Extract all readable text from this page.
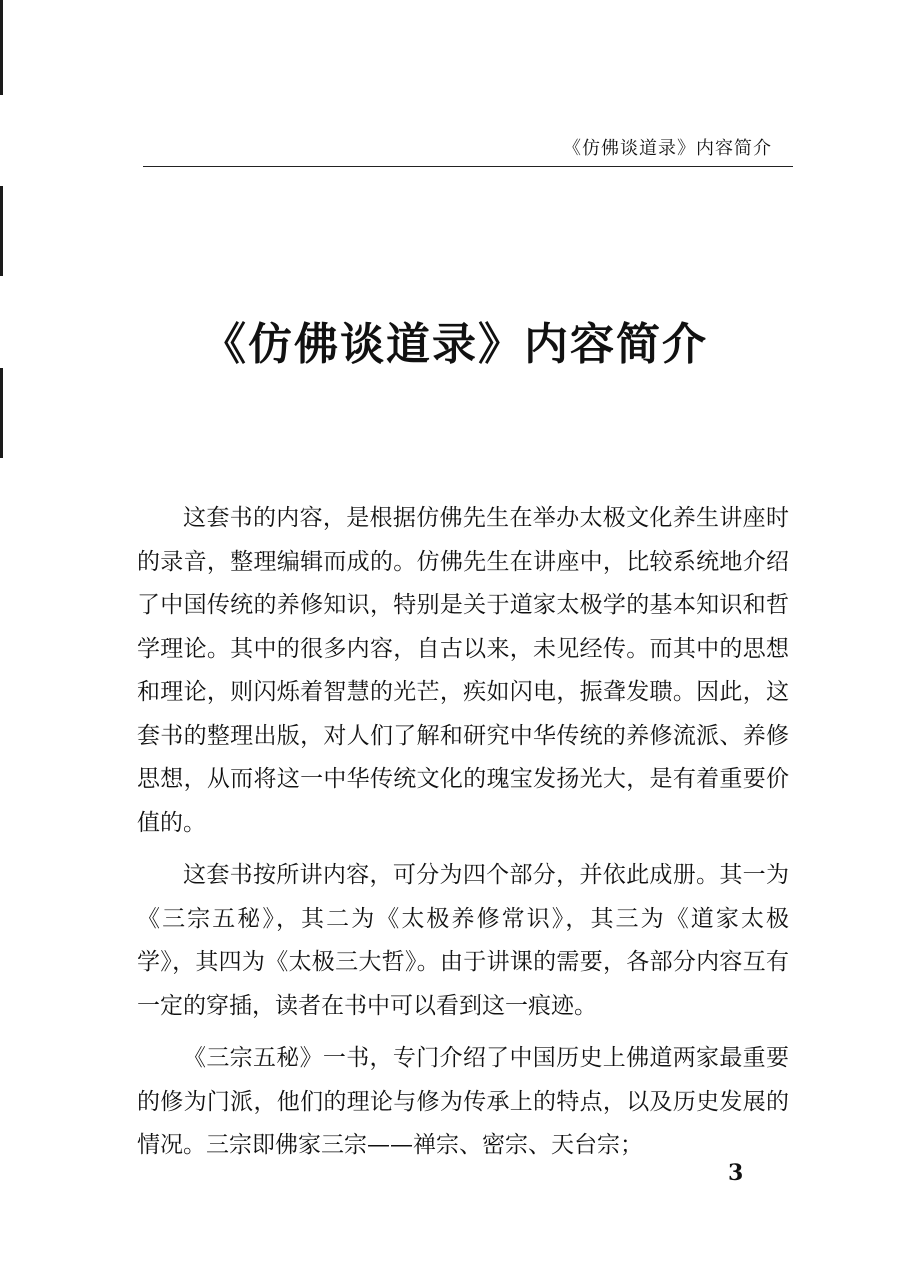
《仿佛谈道录》内容简介
《仿佛谈道录》内容简介

这套书的内容，是根据仿佛先生在举办太极文化养生讲座时的录音，整理编辑而成的。仿佛先生在讲座中，比较系统地介绍了中国传统的养修知识，特别是关于道家太极学的基本知识和哲学理论。其中的很多内容，自古以来，未见经传。而其中的思想和理论，则闪烁着智慧的光芒，疾如闪电，振聋发聩。因此，这套书的整理出版，对人们了解和研究中华传统的养修流派、养修思想，从而将这一中华传统文化的瑰宝发扬光大，是有着重要价值的。

这套书按所讲内容，可分为四个部分，并依此成册。其一为《三宗五秘》，其二为《太极养修常识》，其三为《道家太极学》，其四为《太极三大哲》。由于讲课的需要，各部分内容互有一定的穿插，读者在书中可以看到这一痕迹。

《三宗五秘》一书，专门介绍了中国历史上佛道两家最重要的修为门派，他们的理论与修为传承上的特点，以及历史发展的情况。三宗即佛家三宗——禅宗、密宗、天台宗；

3
